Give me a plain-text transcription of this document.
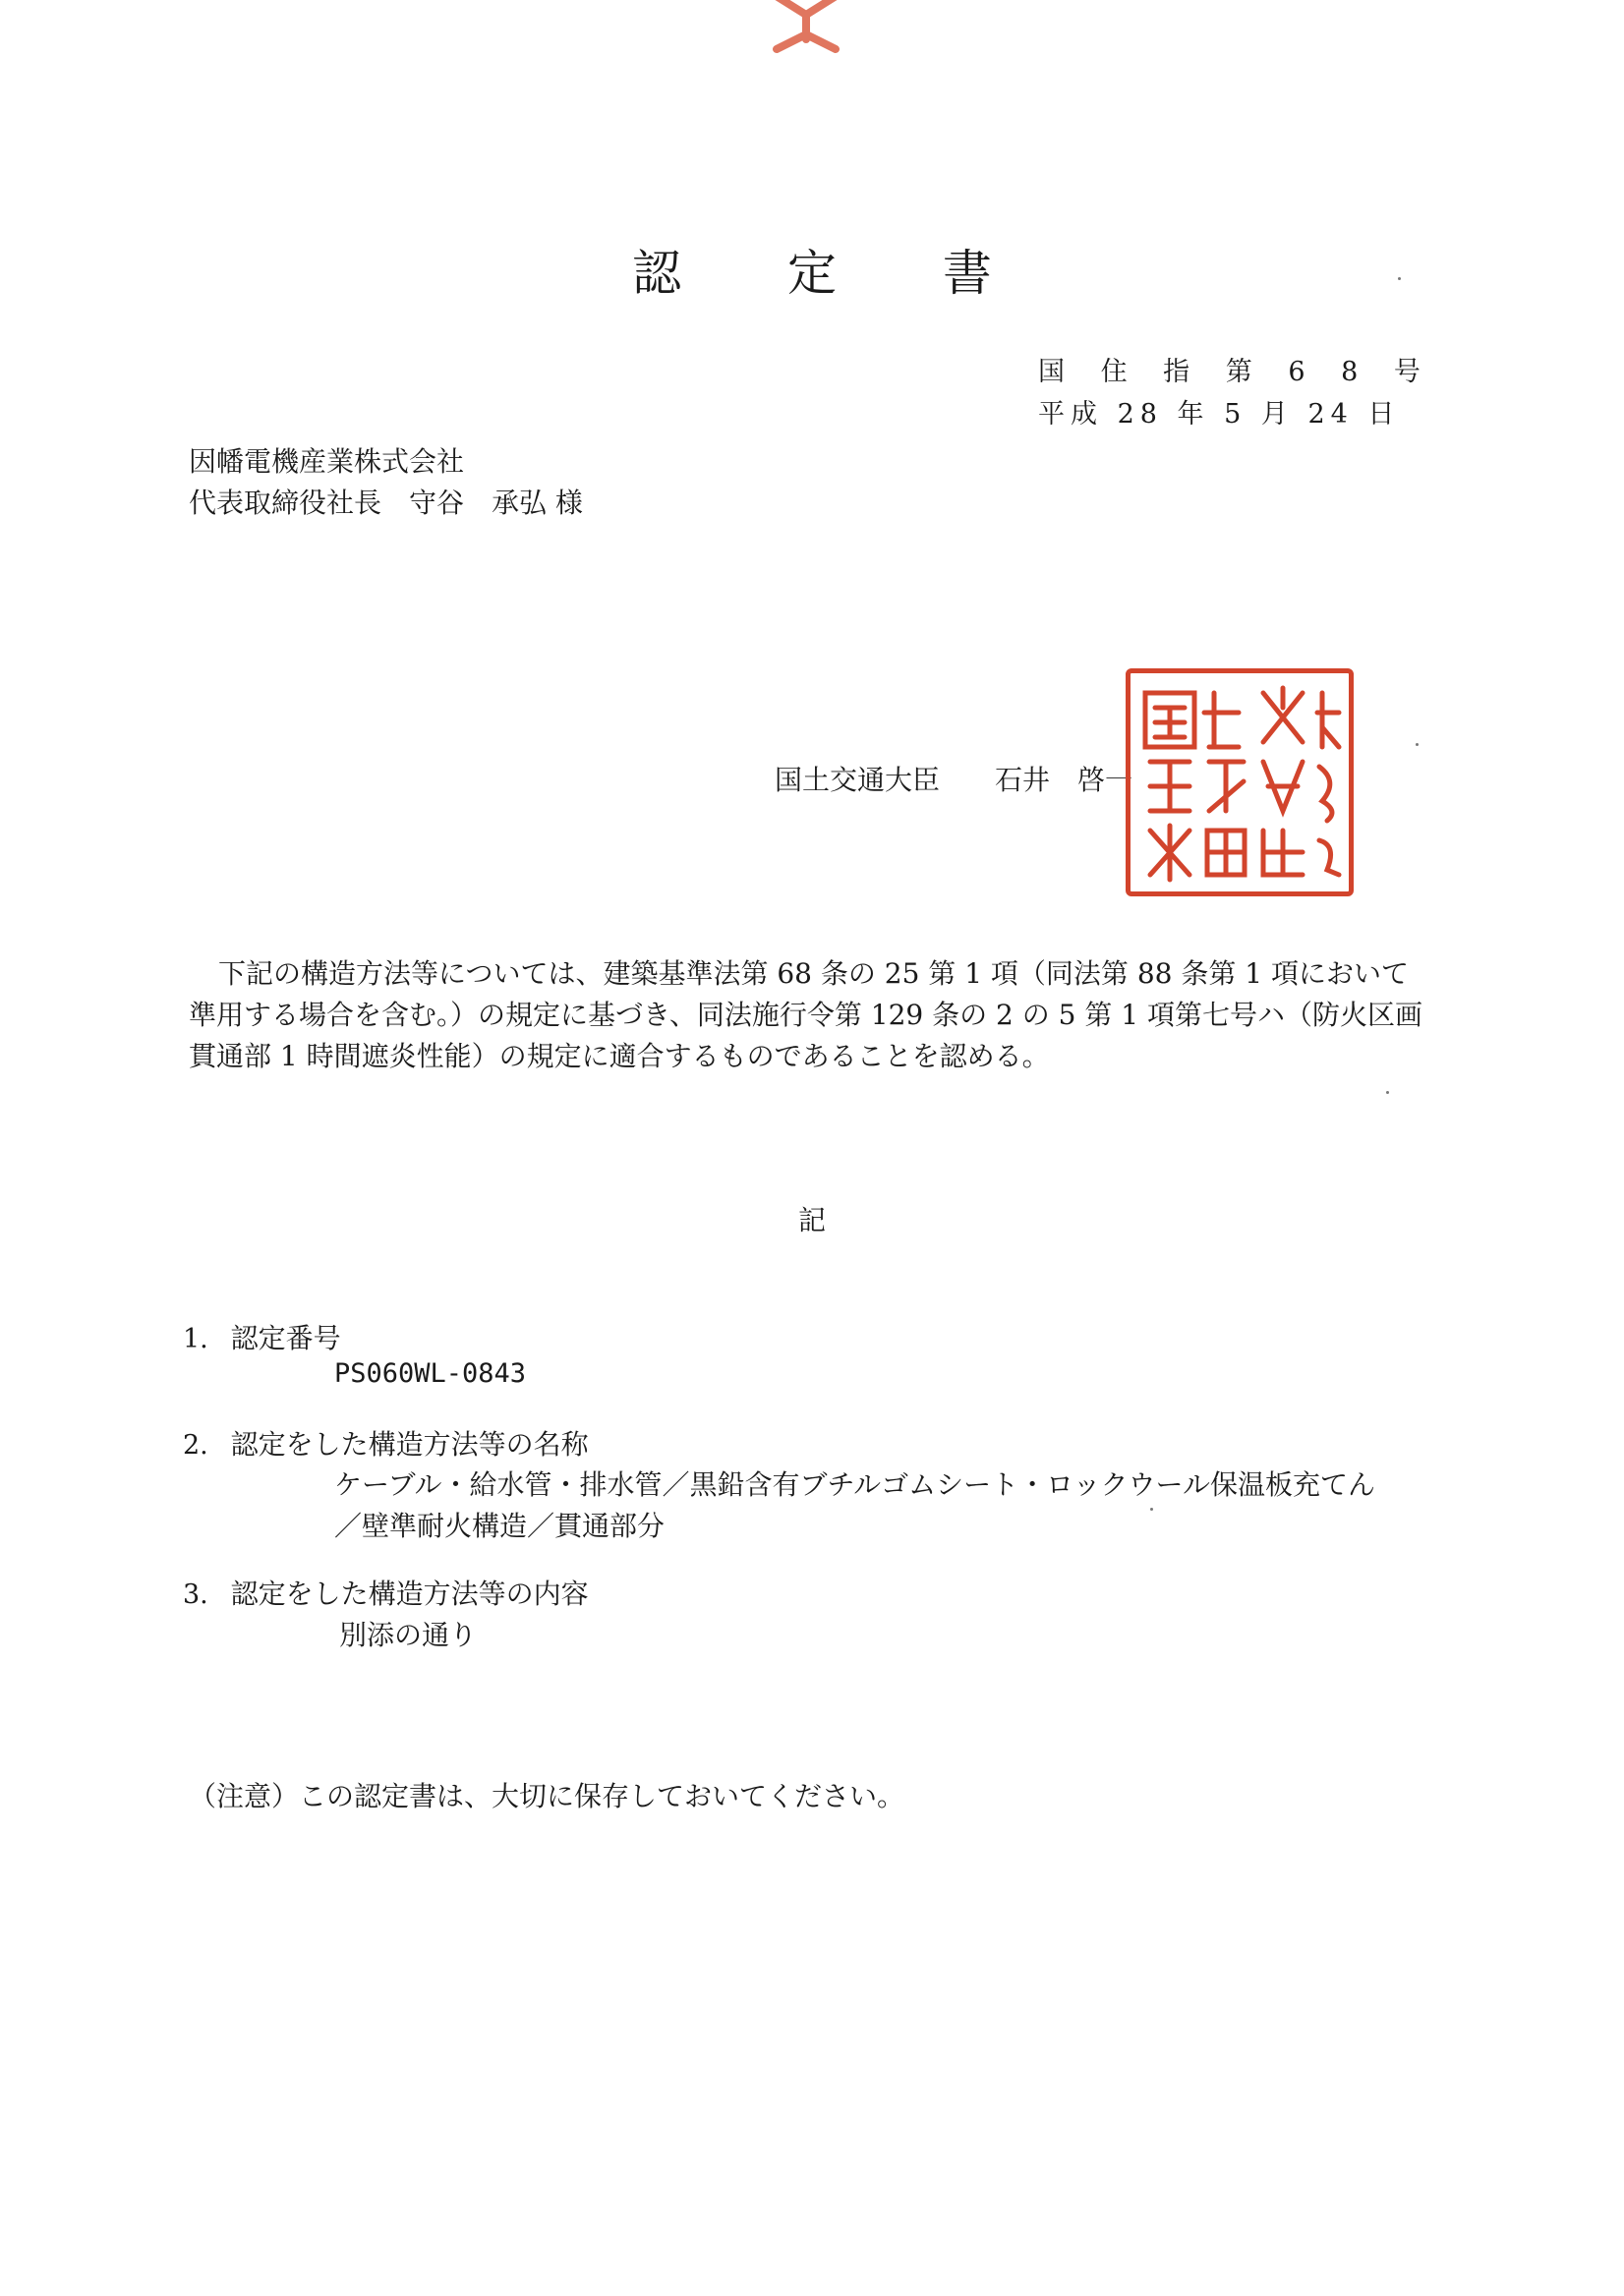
認 定 書
国 住 指 第 6 8 号
平成 28 年 5 月 24 日
因幡電機産業株式会社
代表取締役社長　守谷　承弘 様
国土交通大臣　　石井　啓一
下記の構造方法等については、建築基準法第 68 条の 25 第 1 項（同法第 88 条第 1 項において準用する場合を含む。）の規定に基づき、同法施行令第 129 条の 2 の 5 第 1 項第七号ハ（防火区画貫通部 1 時間遮炎性能）の規定に適合するものであることを認める。
記
1. 認定番号
PS060WL-0843
2. 認定をした構造方法等の名称
ケーブル・給水管・排水管／黒鉛含有ブチルゴムシート・ロックウール保温板充てん／壁準耐火構造／貫通部分
3. 認定をした構造方法等の内容
別添の通り
（注意）この認定書は、大切に保存しておいてください。
